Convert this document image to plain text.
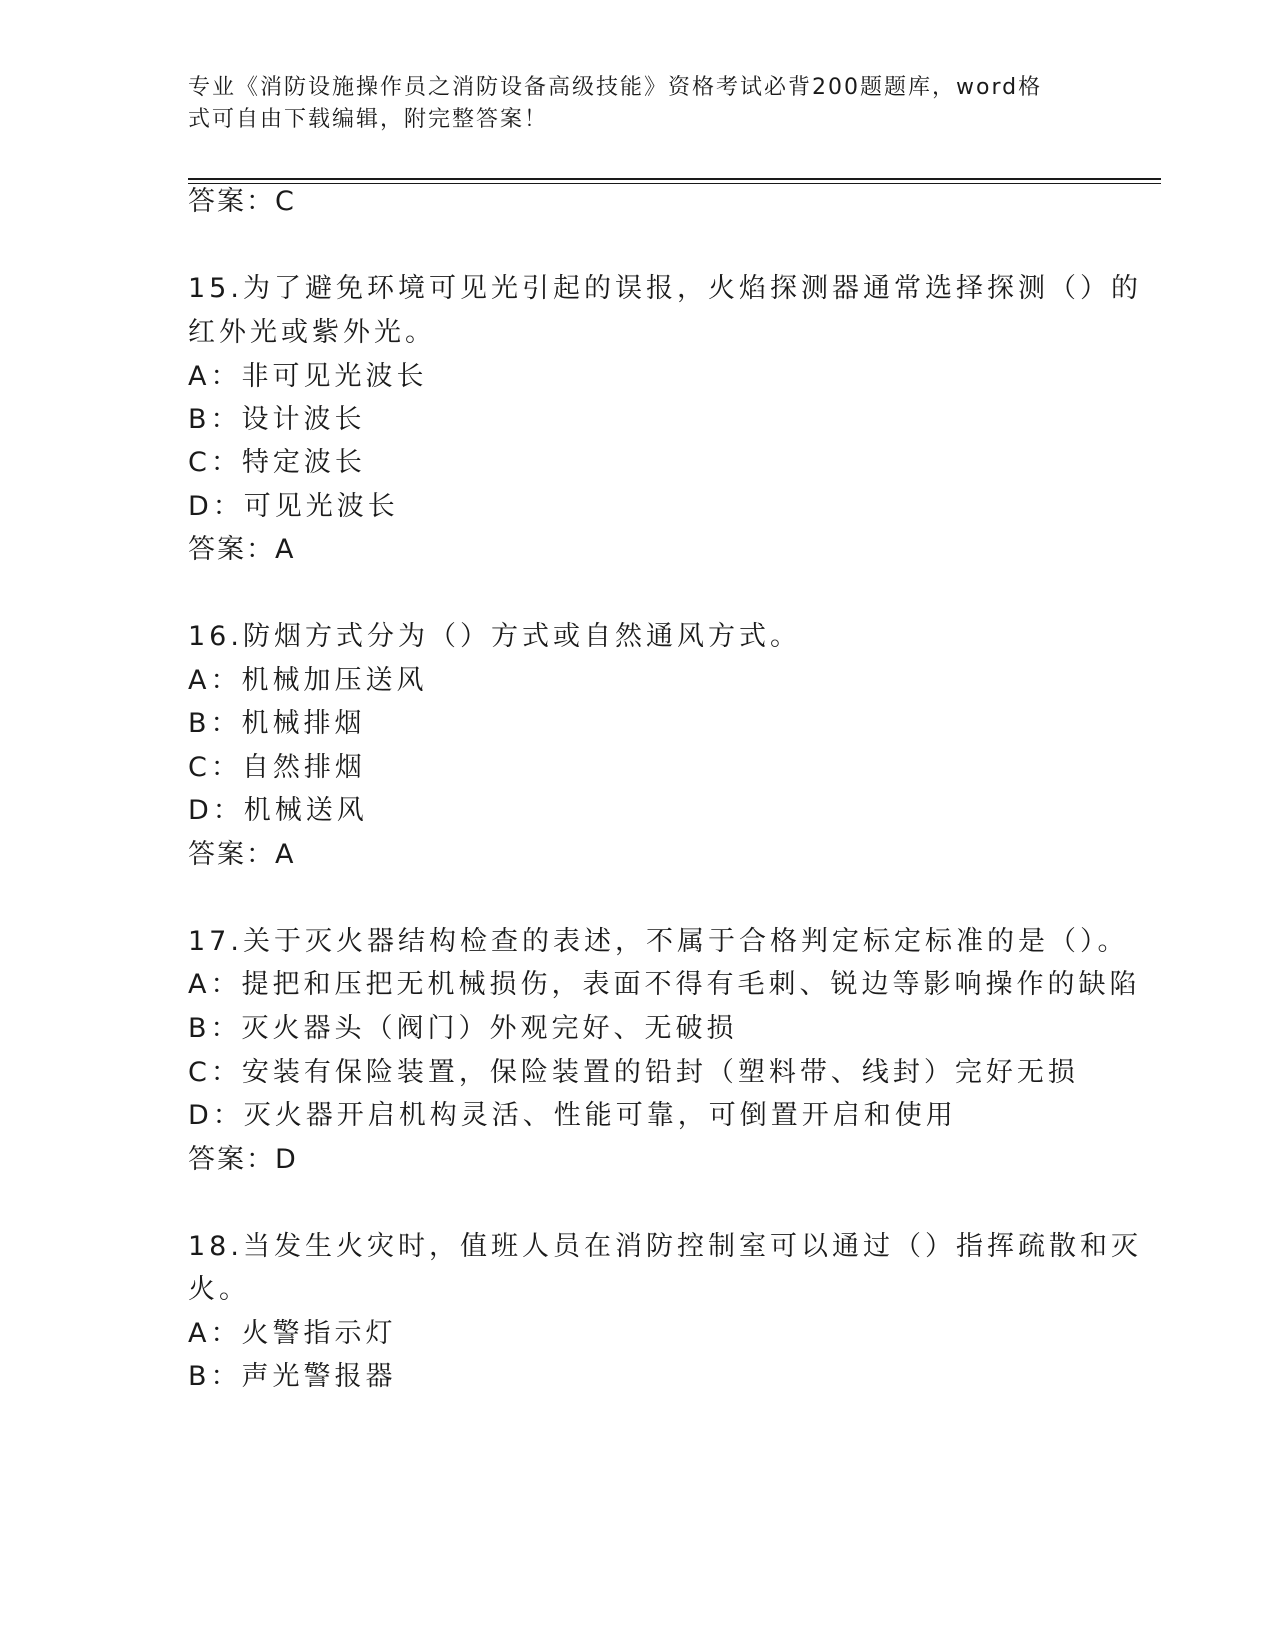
专业《消防设施操作员之消防设备高级技能》资格考试必背200题题库，word格
式可自由下载编辑，附完整答案！
答案：C
15.为了避免环境可见光引起的误报，火焰探测器通常选择探测（）的
红外光或紫外光。
A：非可见光波长
B：设计波长
C：特定波长
D：可见光波长
答案：A
16.防烟方式分为（）方式或自然通风方式。
A：机械加压送风
B：机械排烟
C：自然排烟
D：机械送风
答案：A
17.关于灭火器结构检查的表述，不属于合格判定标定标准的是（）。
A：提把和压把无机械损伤，表面不得有毛刺、锐边等影响操作的缺陷
B：灭火器头（阀门）外观完好、无破损
C：安装有保险装置，保险装置的铅封（塑料带、线封）完好无损
D：灭火器开启机构灵活、性能可靠，可倒置开启和使用
答案：D
18.当发生火灾时，值班人员在消防控制室可以通过（）指挥疏散和灭
火。
A：火警指示灯
B：声光警报器
